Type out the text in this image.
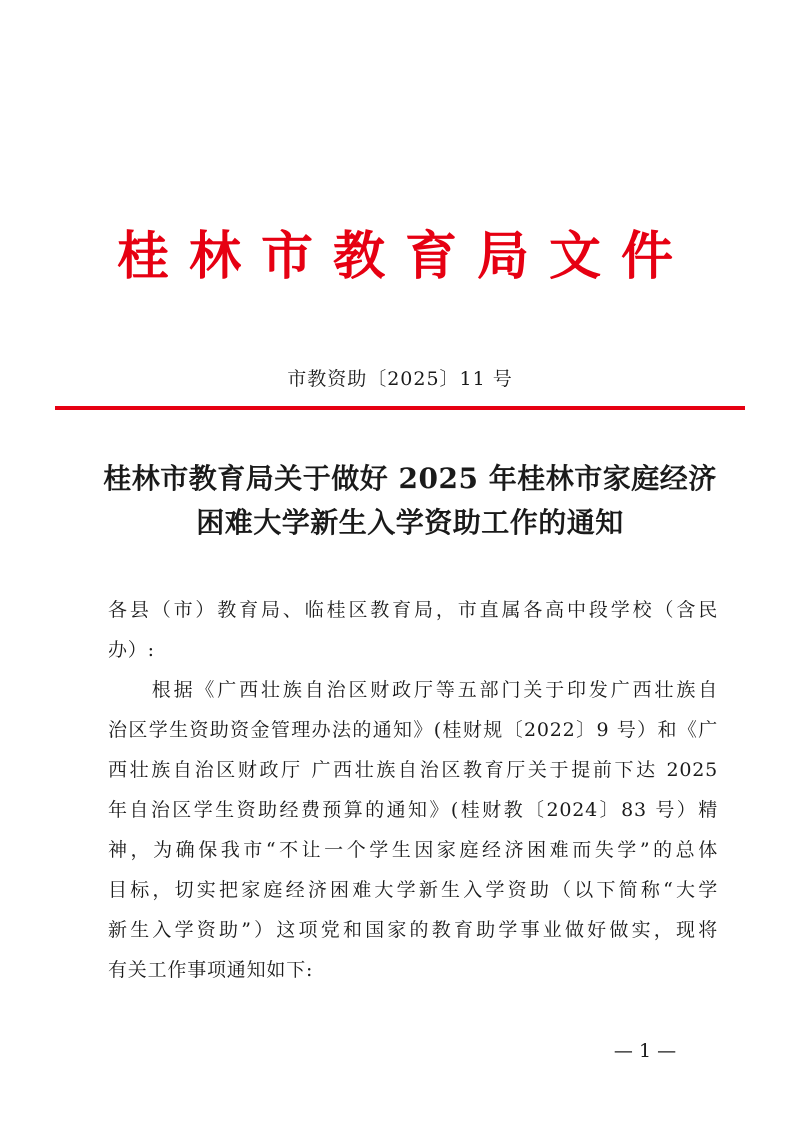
桂林市教育局文件
市教资助〔2025〕11 号
桂林市教育局关于做好 2025 年桂林市家庭经济
困难大学新生入学资助工作的通知
各县（市）教育局、临桂区教育局，市直属各高中段学校（含民
办）:
　　根据《广西壮族自治区财政厅等五部门关于印发广西壮族自
治区学生资助资金管理办法的通知》(桂财规〔2022〕9 号）和《广
西壮族自治区财政厅 广西壮族自治区教育厅关于提前下达 2025
年自治区学生资助经费预算的通知》(桂财教〔2024〕83 号）精
神，为确保我市“不让一个学生因家庭经济困难而失学”的总体
目标，切实把家庭经济困难大学新生入学资助（以下简称“大学
新生入学资助”）这项党和国家的教育助学事业做好做实，现将
有关工作事项通知如下:
— 1 —
